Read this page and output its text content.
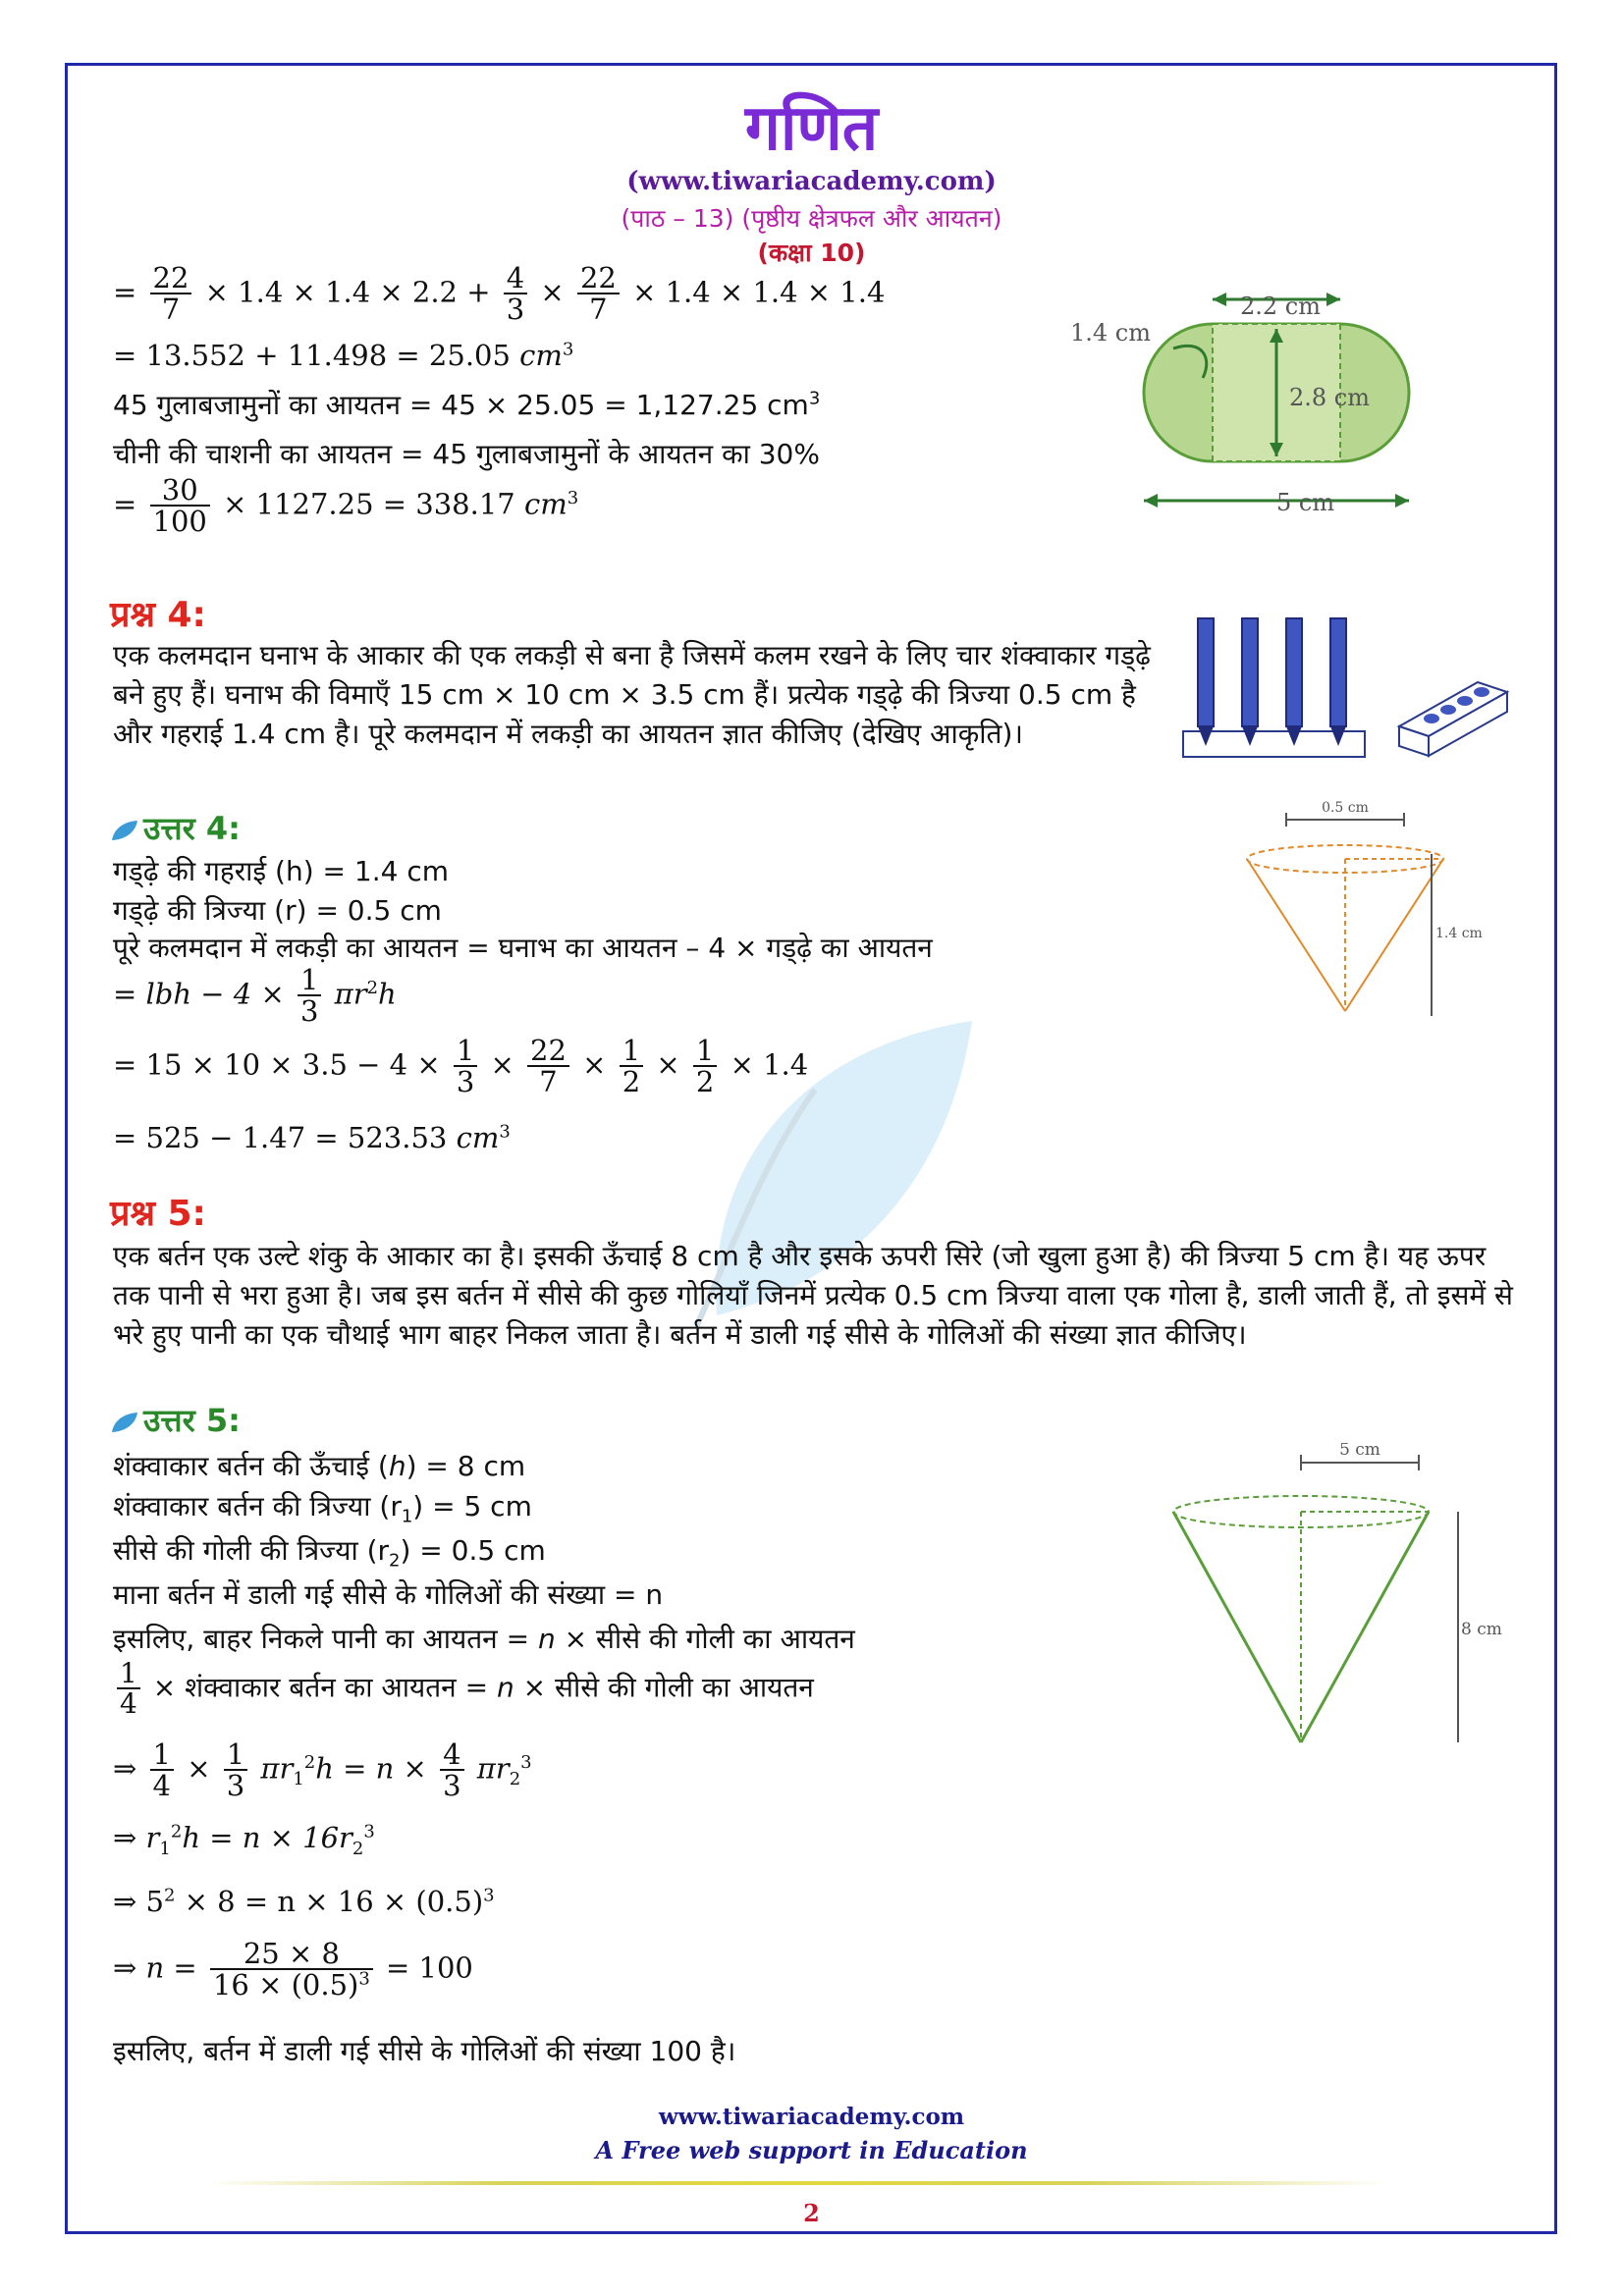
गणित
(www.tiwariacademy.com)
(पाठ – 13) (पृष्ठीय क्षेत्रफल और आयतन)
(कक्षा 10)
= $\frac{22}{7} \times 1.4 \times 1.4 \times 2.2 + \frac{4}{3} \times \frac{22}{7} \times 1.4 \times 1.4 \times 1.4$
= 13.552 + 11.498 = 25.05 $cm^3$
45 गुलाबजामुनों का आयतन = 45 × 25.05 = 1,127.25 $cm^3$
चीनी की चाशनी का आयतन = 45 गुलाबजामुनों के आयतन का 30%
= $\frac{30}{100} \times 1127.25 = 338.17$ $cm^3$
2.2 cm
2.8 cm
1.4 cm
5 cm
प्रश्न 4:
एक कलमदान घनाभ के आकार की एक लकड़ी से बना है जिसमें कलम रखने के लिए चार शंक्वाकार गड्ढ़े बने हुए हैं। घनाभ की विमाएँ 15 cm × 10 cm × 3.5 cm हैं। प्रत्येक गड्ढ़े की त्रिज्या 0.5 cm है और गहराई 1.4 cm है। पूरे कलमदान में लकड़ी का आयतन ज्ञात कीजिए (देखिए आकृति)।
उत्तर 4:
गड्ढ़े की गहराई (h) = 1.4 cm
गड्ढ़े की त्रिज्या (r) = 0.5 cm
पूरे कलमदान में लकड़ी का आयतन = घनाभ का आयतन – 4 × गड्ढ़े का आयतन
= lbh − $4 \times \frac{1}{3} \pi r^2h$
= $15 \times 10 \times 3.5 - 4 \times \frac{1}{3} \times \frac{22}{7} \times \frac{1}{2} \times \frac{1}{2} \times 1.4$
= 525 − 1.47 = 523.53 $cm^3$
0.5 cm
1.4 cm
प्रश्न 5:
एक बर्तन एक उल्टे शंकु के आकार का है। इसकी ऊँचाई 8 cm है और इसके ऊपरी सिरे (जो खुला हुआ है) की त्रिज्या 5 cm है। यह ऊपर तक पानी से भरा हुआ है। जब इस बर्तन में सीसे की कुछ गोलियाँ जिनमें प्रत्येक 0.5 cm त्रिज्या वाला एक गोला है, डाली जाती हैं, तो इसमें से भरे हुए पानी का एक चौथाई भाग बाहर निकल जाता है। बर्तन में डाली गई सीसे के गोलिओं की संख्या ज्ञात कीजिए।
उत्तर 5:
शंक्वाकार बर्तन की ऊँचाई (h) = 8 cm
शंक्वाकार बर्तन की त्रिज्या $(r_1) = 5$ cm
सीसे की गोली की त्रिज्या $(r_2) = 0.5$ cm
माना बर्तन में डाली गई सीसे के गोलिओं की संख्या = n
इसलिए, बाहर निकले पानी का आयतन = n × सीसे की गोली का आयतन
$\frac{1}{4}$ × शंक्वाकार बर्तन का आयतन = n × सीसे की गोली का आयतन
⇒ $\frac{1}{4} \times \frac{1}{3} \pi r_1^2h = n \times \frac{4}{3} \pi r_2^3$
⇒ $r_1^2h = n \times 16r_2^3$
⇒ $5^2 \times 8 = n \times 16 \times (0.5)^3$
⇒ $n = \frac{25 \times 8}{16 \times (0.5)^3} = 100$
इसलिए, बर्तन में डाली गई सीसे के गोलिओं की संख्या 100 है।
5 cm
8 cm
www.tiwariacademy.com
A Free web support in Education
2
